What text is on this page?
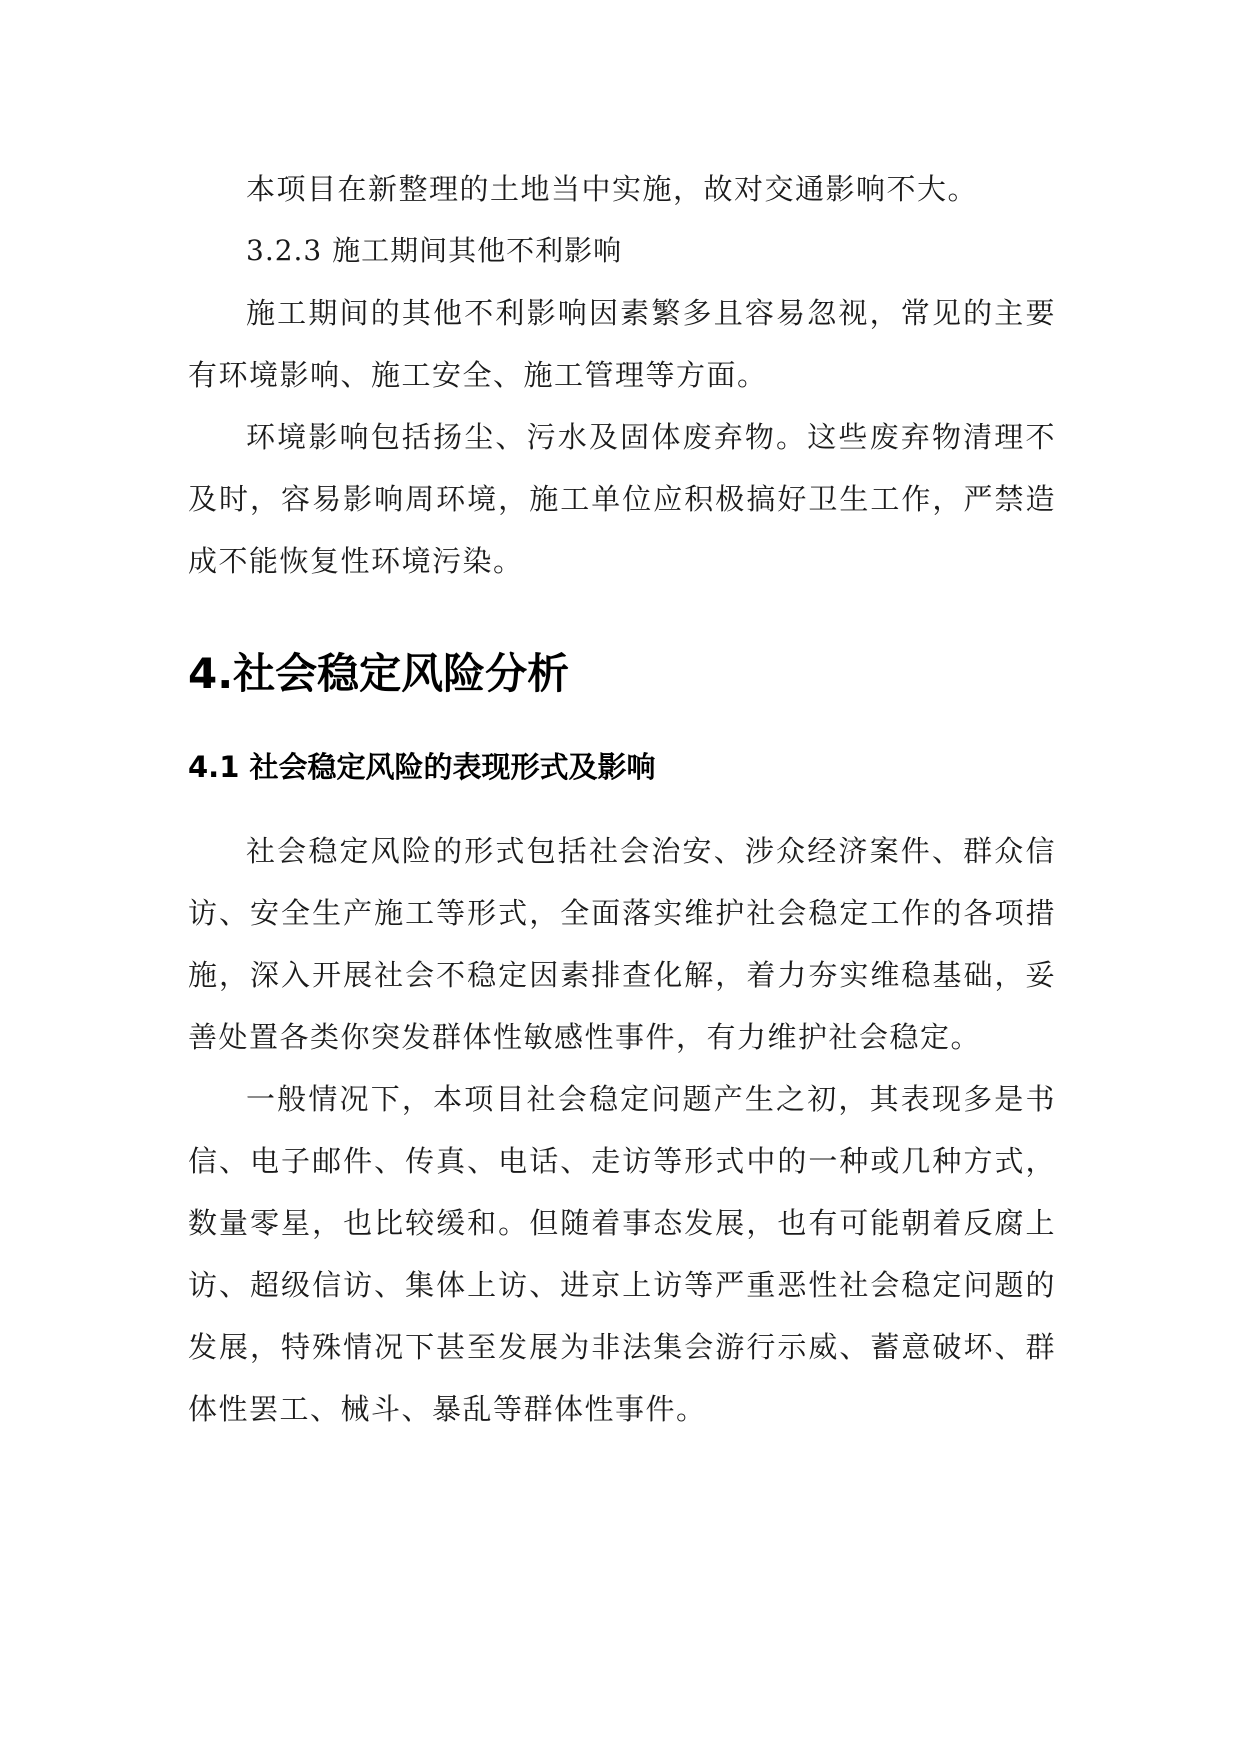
本项目在新整理的土地当中实施，故对交通影响不大。

3.2.3 施工期间其他不利影响

施工期间的其他不利影响因素繁多且容易忽视，常见的主要有环境影响、施工安全、施工管理等方面。

环境影响包括扬尘、污水及固体废弃物。这些废弃物清理不及时，容易影响周环境，施工单位应积极搞好卫生工作，严禁造成不能恢复性环境污染。

4.社会稳定风险分析
4.1 社会稳定风险的表现形式及影响

社会稳定风险的形式包括社会治安、涉众经济案件、群众信访、安全生产施工等形式，全面落实维护社会稳定工作的各项措施，深入开展社会不稳定因素排查化解，着力夯实维稳基础，妥善处置各类你突发群体性敏感性事件，有力维护社会稳定。

一般情况下，本项目社会稳定问题产生之初，其表现多是书信、电子邮件、传真、电话、走访等形式中的一种或几种方式，数量零星，也比较缓和。但随着事态发展，也有可能朝着反腐上访、超级信访、集体上访、进京上访等严重恶性社会稳定问题的发展，特殊情况下甚至发展为非法集会游行示威、蓄意破坏、群体性罢工、械斗、暴乱等群体性事件。
